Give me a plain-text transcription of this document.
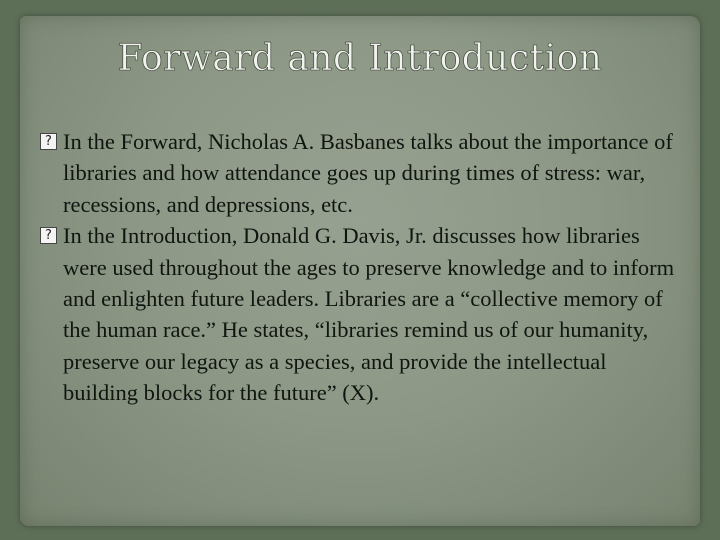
Forward and Introduction
? In the Forward, Nicholas A. Basbanes talks about the importance of libraries and how attendance goes up during times of stress: war, recessions, and depressions, etc.
? In the Introduction, Donald G. Davis, Jr. discusses how libraries were used throughout the ages to preserve knowledge and to inform and enlighten future leaders. Libraries are a “collective memory of the human race.” He states, “libraries remind us of our humanity, preserve our legacy as a species, and provide the intellectual building blocks for the future” (X).
